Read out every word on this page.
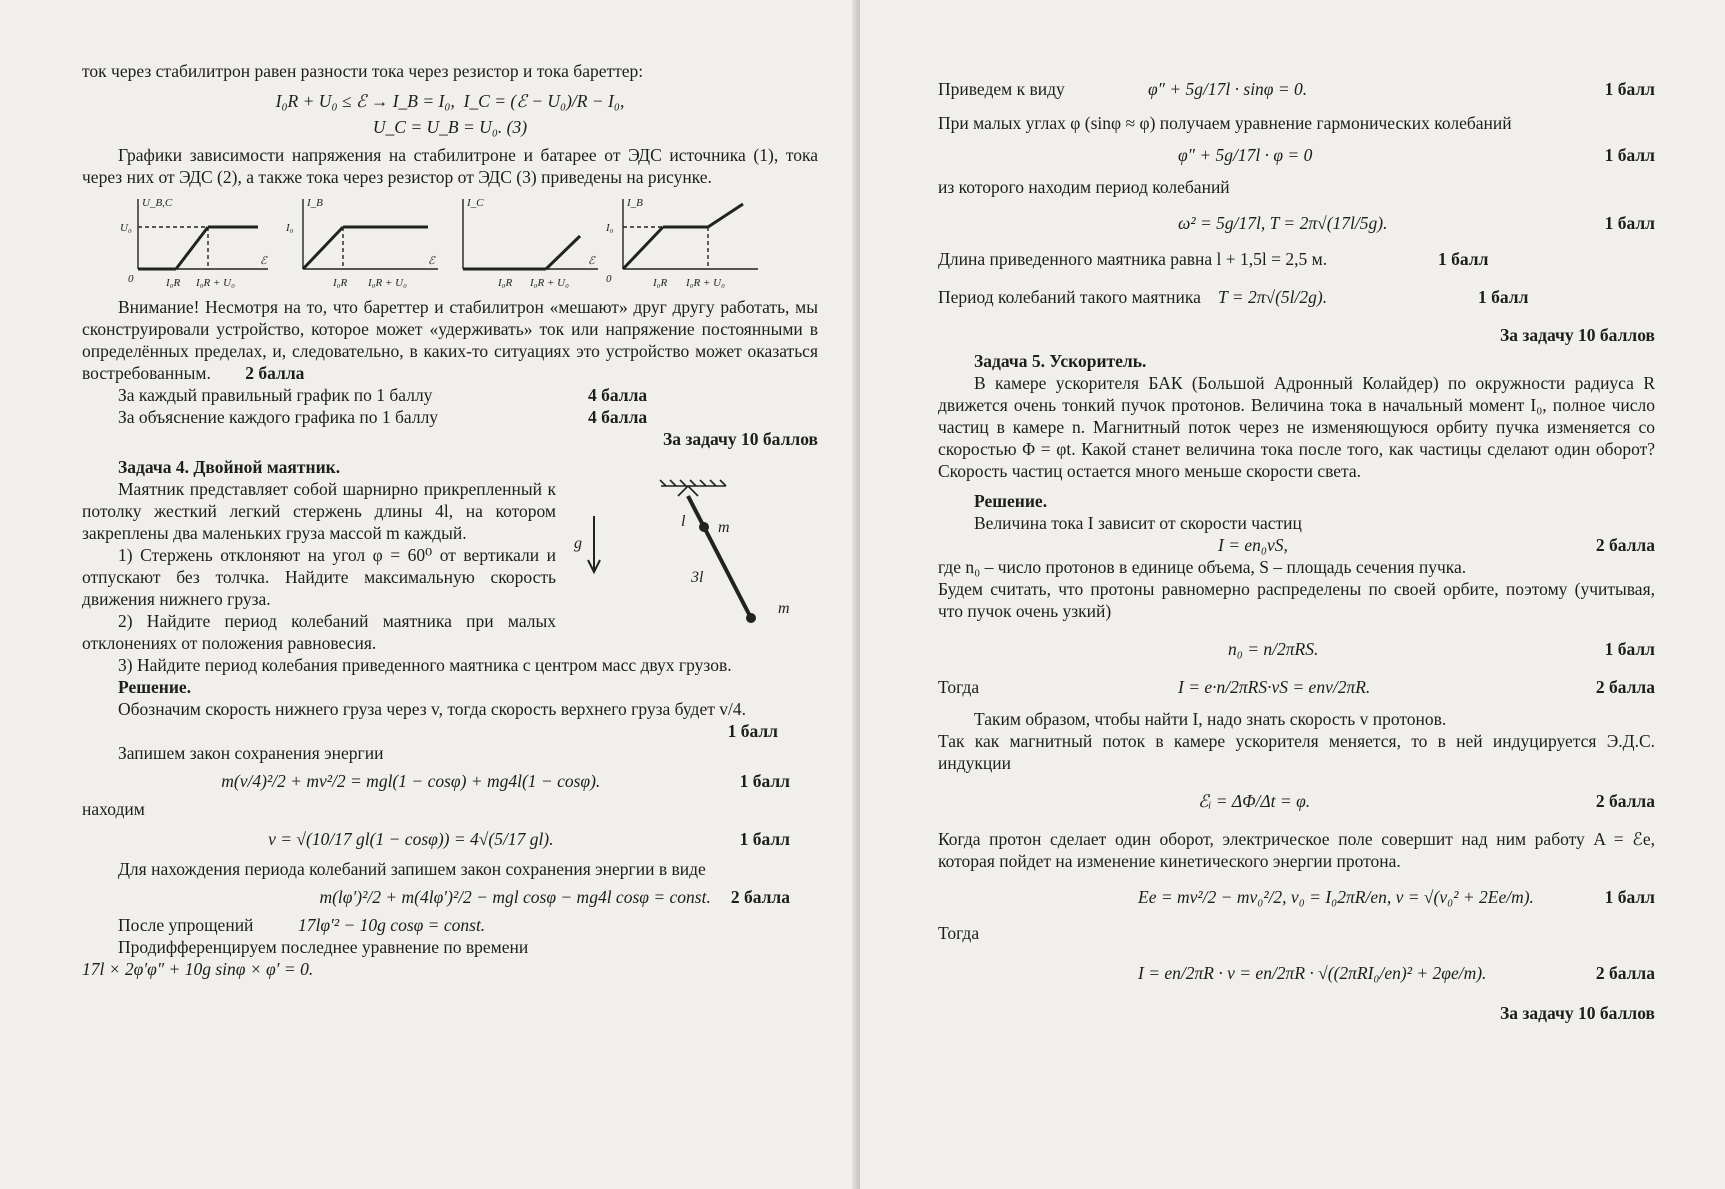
ток через стабилитрон равен разности тока через резистор и тока бареттер:

I₀R + U₀ ≤ ℰ → I_B = I₀, I_C = (ℰ − U₀)/R − I₀,
U_C = U_B = U₀. (3)

Графики зависимости напряжения на стабилитроне и батарее от ЭДС источника (1), тока через них от ЭДС (2), а также тока через резистор от ЭДС (3) приведены на рисунке.

U_B,C
U₀
ℰ
0	I₀R I₀R + U₀
I_B
I₀
ℰ
I₀R I₀R + U₀
I_C
ℰ
I₀R I₀R + U₀
I_B
I₀
0	I₀R I₀R + U₀

Внимание! Несмотря на то, что бареттер и стабилитрон «мешают» друг другу работать, мы сконструировали устройство, которое может «удерживать» ток или напряжение постоянными в определённых пределах, и, следовательно, в каких-то ситуациях это устройство может оказаться востребованным. 2 балла

За каждый правильный график по 1 баллу	4 балла
За объяснение каждого графика по 1 баллу	4 балла
За задачу 10 баллов

Задача 4. Двойной маятник.

Маятник представляет собой шарнирно прикрепленный к потолку жесткий легкий стержень длины 4l, на котором закреплены два маленьких груза массой m каждый.

1) Стержень отклоняют на угол φ = 60⁰ от вертикали и отпускают без толчка. Найдите максимальную скорость движения нижнего груза.

2) Найдите период колебаний маятника при малых отклонениях от положения равновесия.

l m
3l
m
g

3) Найдите период колебания приведенного маятника с центром масс двух грузов.

Решение.

Обозначим скорость нижнего груза через v, тогда скорость верхнего груза будет v/4.

1 балл

Запишем закон сохранения энергии

m(v/4)²/2 + mv²/2 = mgl(1 − cosφ) + mg4l(1 − cosφ).	1 балл

находим

v = √(10/17 gl(1 − cosφ)) = 4√(5/17 gl).	1 балл

Для нахождения периода колебаний запишем закон сохранения энергии в виде

m(lφ′)²/2 + m(4lφ′)²/2 − mgl cosφ − mg4l cosφ = const. 2 балла
После упрощений	17lφ′² − 10g cosφ = const.

Продифференцируем последнее уравнение по времени

17l × 2φ′φ″ + 10g sinφ × φ′ = 0.

Приведем к виду	φ″ + 5g/17l · sinφ = 0.	1 балл

При малых углах φ (sinφ ≈ φ) получаем уравнение гармонических колебаний

φ″ + 5g/17l · φ = 0	1 балл

из которого находим период колебаний

ω² = 5g/17l, T = 2π√(17l/5g).	1 балл
Длина приведенного маятника равна l + 1,5l = 2,5 м.	1 балл
Период колебаний такого маятника T = 2π√(5l/2g).	1 балл
За задачу 10 баллов

Задача 5. Ускоритель.

В камере ускорителя БАК (Большой Адронный Колайдер) по окружности радиуса R движется очень тонкий пучок протонов. Величина тока в начальный момент I₀, полное число частиц в камере n. Магнитный поток через не изменяющуюся орбиту пучка изменяется со скоростью Φ = φt. Какой станет величина тока после того, как частицы сделают один оборот? Скорость частиц остается много меньше скорости света.

Решение.

Величина тока I зависит от скорости частиц

I = en₀vS,	2 балла

где n₀ – число протонов в единице объема, S – площадь сечения пучка.

Будем считать, что протоны равномерно распределены по своей орбите, поэтому (учитывая, что пучок очень узкий)

n₀ = n/2πRS.	1 балл
Тогда	I = e·n/2πRS·vS = env/2πR.	2 балла

Таким образом, чтобы найти I, надо знать скорость v протонов.

Так как магнитный поток в камере ускорителя меняется, то в ней индуцируется Э.Д.С. индукции

ℰᵢ = ΔΦ/Δt = φ.	2 балла

Когда протон сделает один оборот, электрическое поле совершит над ним работу A = ℰe, которая пойдет на изменение кинетического энергии протона.

Ee = mv²/2 − mv₀²/2, v₀ = I₀2πR/en, v = √(v₀² + 2Ee/m).	1 балл

Тогда

I = en/2πR · v = en/2πR · √((2πRI₀/en)² + 2φe/m).	2 балла
За задачу 10 баллов
